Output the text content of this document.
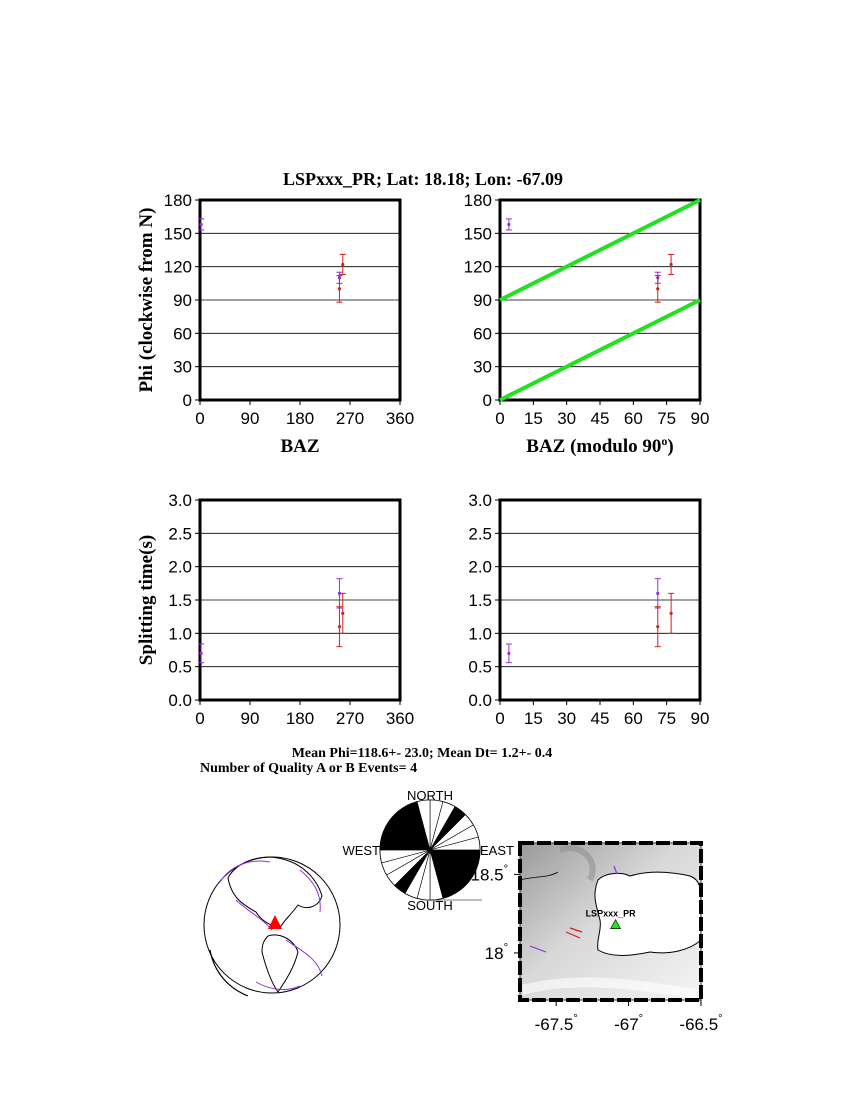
LSPxxx_PR; Lat: 18.18; Lon: -67.09
0
30
60
90
120
150
180
0 90 180 270 360
Phi (clockwise from N)
BAZ
0
30
60
90
120
150
180
0 15 30 45 60 75 90
BAZ (modulo 90$^o$)
0.0
0.5
1.0
1.5
2.0
2.5
3.0
0 90 180 270 360
Splitting time(s)
0.0
0.5
1.0
1.5
2.0
2.5
3.0
0 15 30 45 60 75 90
Mean Phi=118.6+- 23.0; Mean Dt= 1.2+- 0.4
Number of Quality A or B Events= 4
NORTH
SOUTH
EAST
WEST
-67.5° -67° -66.5°
18.5°
18°
LSPxxx_PR
